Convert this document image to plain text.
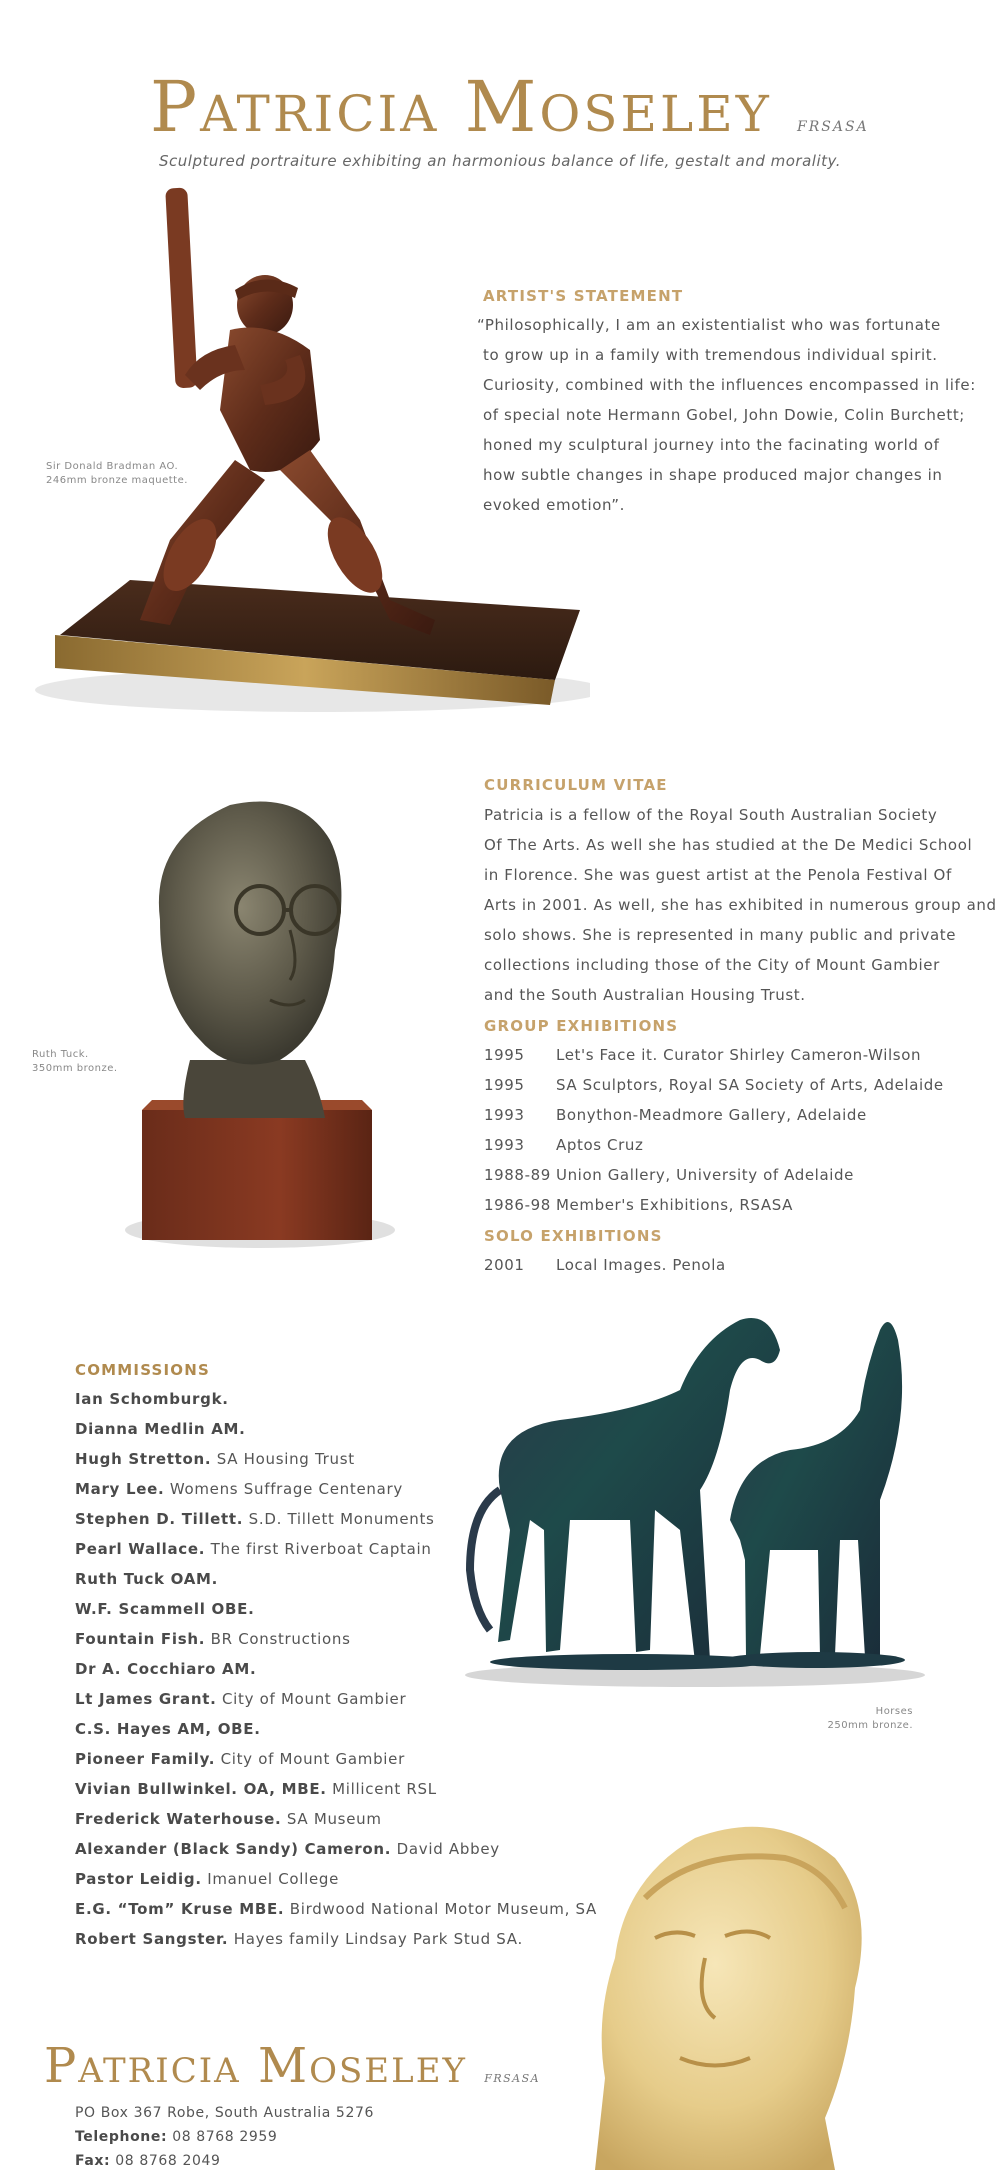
PATRICIA MOSELEY FRSASA
Sculptured portraiture exhibiting an harmonious balance of life, gestalt and morality.
Sir Donald Bradman AO.
246mm bronze maquette.
ARTIST'S STATEMENT
“Philosophically, I am an existentialist who was fortunate
to grow up in a family with tremendous individual spirit.
Curiosity, combined with the influences encompassed in life:
of special note Hermann Gobel, John Dowie, Colin Burchett;
honed my sculptural journey into the facinating world of
how subtle changes in shape produced major changes in
evoked emotion”.
Ruth Tuck.
350mm bronze.
CURRICULUM VITAE
Patricia is a fellow of the Royal South Australian Society
Of The Arts. As well she has studied at the De Medici School
in Florence. She was guest artist at the Penola Festival Of
Arts in 2001. As well, she has exhibited in numerous group and
solo shows. She is represented in many public and private
collections including those of the City of Mount Gambier
and the South Australian Housing Trust.
GROUP EXHIBITIONS
1995 Let's Face it. Curator Shirley Cameron-Wilson
1995 SA Sculptors, Royal SA Society of Arts, Adelaide
1993 Bonython-Meadmore Gallery, Adelaide
1993 Aptos Cruz
1988-89 Union Gallery, University of Adelaide
1986-98 Member's Exhibitions, RSASA
SOLO EXHIBITIONS
2001 Local Images. Penola
COMMISSIONS
Ian Schomburgk.
Dianna Medlin AM.
Hugh Stretton. SA Housing Trust
Mary Lee. Womens Suffrage Centenary
Stephen D. Tillett. S.D. Tillett Monuments
Pearl Wallace. The first Riverboat Captain
Ruth Tuck OAM.
W.F. Scammell OBE.
Fountain Fish. BR Constructions
Dr A. Cocchiaro AM.
Lt James Grant. City of Mount Gambier
C.S. Hayes AM, OBE.
Pioneer Family. City of Mount Gambier
Vivian Bullwinkel. OA, MBE. Millicent RSL
Frederick Waterhouse. SA Museum
Alexander (Black Sandy) Cameron. David Abbey
Pastor Leidig. Imanuel College
E.G. “Tom” Kruse MBE. Birdwood National Motor Museum, SA
Robert Sangster. Hayes family Lindsay Park Stud SA.
Horses
250mm bronze.
PATRICIA MOSELEY FRSASA
PO Box 367 Robe, South Australia 5276
Telephone: 08 8768 2959
Fax: 08 8768 2049
